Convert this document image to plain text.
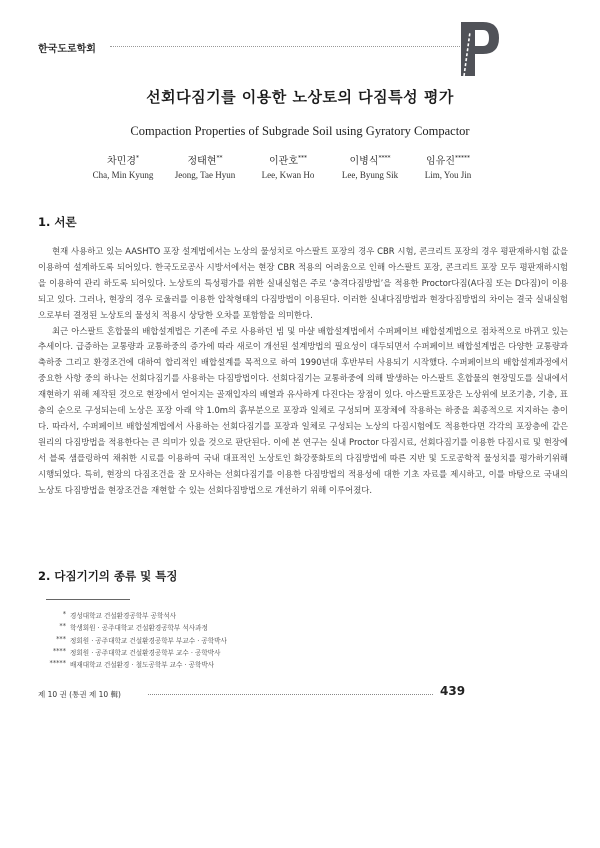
한국도로학회
선회다짐기를 이용한 노상토의 다짐특성 평가
Compaction Properties of Subgrade Soil using Gyratory Compactor
차민경*
Cha, Min Kyung
정태현**
Jeong, Tae Hyun
이관호***
Lee, Kwan Ho
이병식****
Lee, Byung Sik
임유진*****
Lim, You Jin
1. 서론

현재 사용하고 있는 AASHTO 포장 설계법에서는 노상의 물성치로 아스팔트 포장의 경우 CBR 시험, 콘크리트 포장의 경우 평판재하시험 값을 이용하여 설계하도록 되어있다. 한국도로공사 시방서에서는 현장 CBR 적용의 어려움으로 인해 아스팔트 포장, 콘크리트 포장 모두 평판재하시험을 이용하여 관리 하도록 되어있다. 노상토의 특성평가를 위한 실내실험은 주로 ‘충격다짐방법’을 적용한 Proctor다짐(A다짐 또는 D다짐)이 이용되고 있다. 그러나, 현장의 경우 로울러를 이용한 압착형태의 다짐방법이 이용된다. 이러한 실내다짐방법과 현장다짐방법의 차이는 결국 실내실험으로부터 결정된 노상토의 물성치 적용시 상당한 오차를 포함함을 의미한다.

최근 아스팔트 혼합물의 배합설계법은 기존에 주로 사용하던 빔 및 마샬 배합설계법에서 수퍼페이브 배합설계법으로 점차적으로 바뀌고 있는 추세이다. 급증하는 교통량과 교통하중의 증가에 따라 새로이 개선된 설계방법의 필요성이 대두되면서 수퍼페이브 배합설계법은 다양한 교통량과 축하중 그리고 환경조건에 대하여 합리적인 배합설계를 목적으로 하여 1990년대 후반부터 사용되기 시작했다. 수퍼페이브의 배합설계과정에서 중요한 사항 중의 하나는 선회다짐기를 사용하는 다짐방법이다. 선회다짐기는 교통하중에 의해 발생하는 아스팔트 혼합물의 현장밀도를 실내에서 재현하기 위해 제작된 것으로 현장에서 얻어지는 골재입자의 배열과 유사하게 다진다는 장점이 있다. 아스팔트포장은 노상위에 보조기층, 기층, 표층의 순으로 구성되는데 노상은 포장 아래 약 1.0m의 흙부분으로 포장과 일체로 구성되며 포장체에 작용하는 하중을 최종적으로 지지하는 층이다. 따라서, 수퍼페이브 배합설계법에서 사용하는 선회다짐기를 포장과 일체로 구성되는 노상의 다짐시험에도 적용한다면 각각의 포장층에 같은 원리의 다짐방법을 적용한다는 큰 의미가 있을 것으로 판단된다. 이에 본 연구는 실내 Proctor 다짐시료, 선회다짐기를 이용한 다짐시료 및 현장에서 블록 샘플링하여 채취한 시료를 이용하여 국내 대표적인 노상토인 화강풍화토의 다짐방법에 따른 지반 및 도로공학적 물성치를 평가하기위해 시행되었다. 특히, 현장의 다짐조건을 잘 모사하는 선회다짐기를 이용한 다짐방법의 적용성에 대한 기초 자료를 제시하고, 이를 바탕으로 국내의 노상토 다짐방법을 현장조건을 재현할 수 있는 선회다짐방법으로 개선하기 위해 이루어졌다.

2. 다짐기기의 종류 및 특징
* 경성대학교 건설환경공학부 공학석사
** 학생회원 · 공주대학교 건설환경공학부 석사과정
*** 정회원 · 공주대학교 건설환경공학부 부교수 · 공학박사
**** 정회원 · 공주대학교 건설환경공학부 교수 · 공학박사
***** 배재대학교 건설환경 · 철도공학부 교수 · 공학박사
제 10 권 (통권 제 10 輯)	439
